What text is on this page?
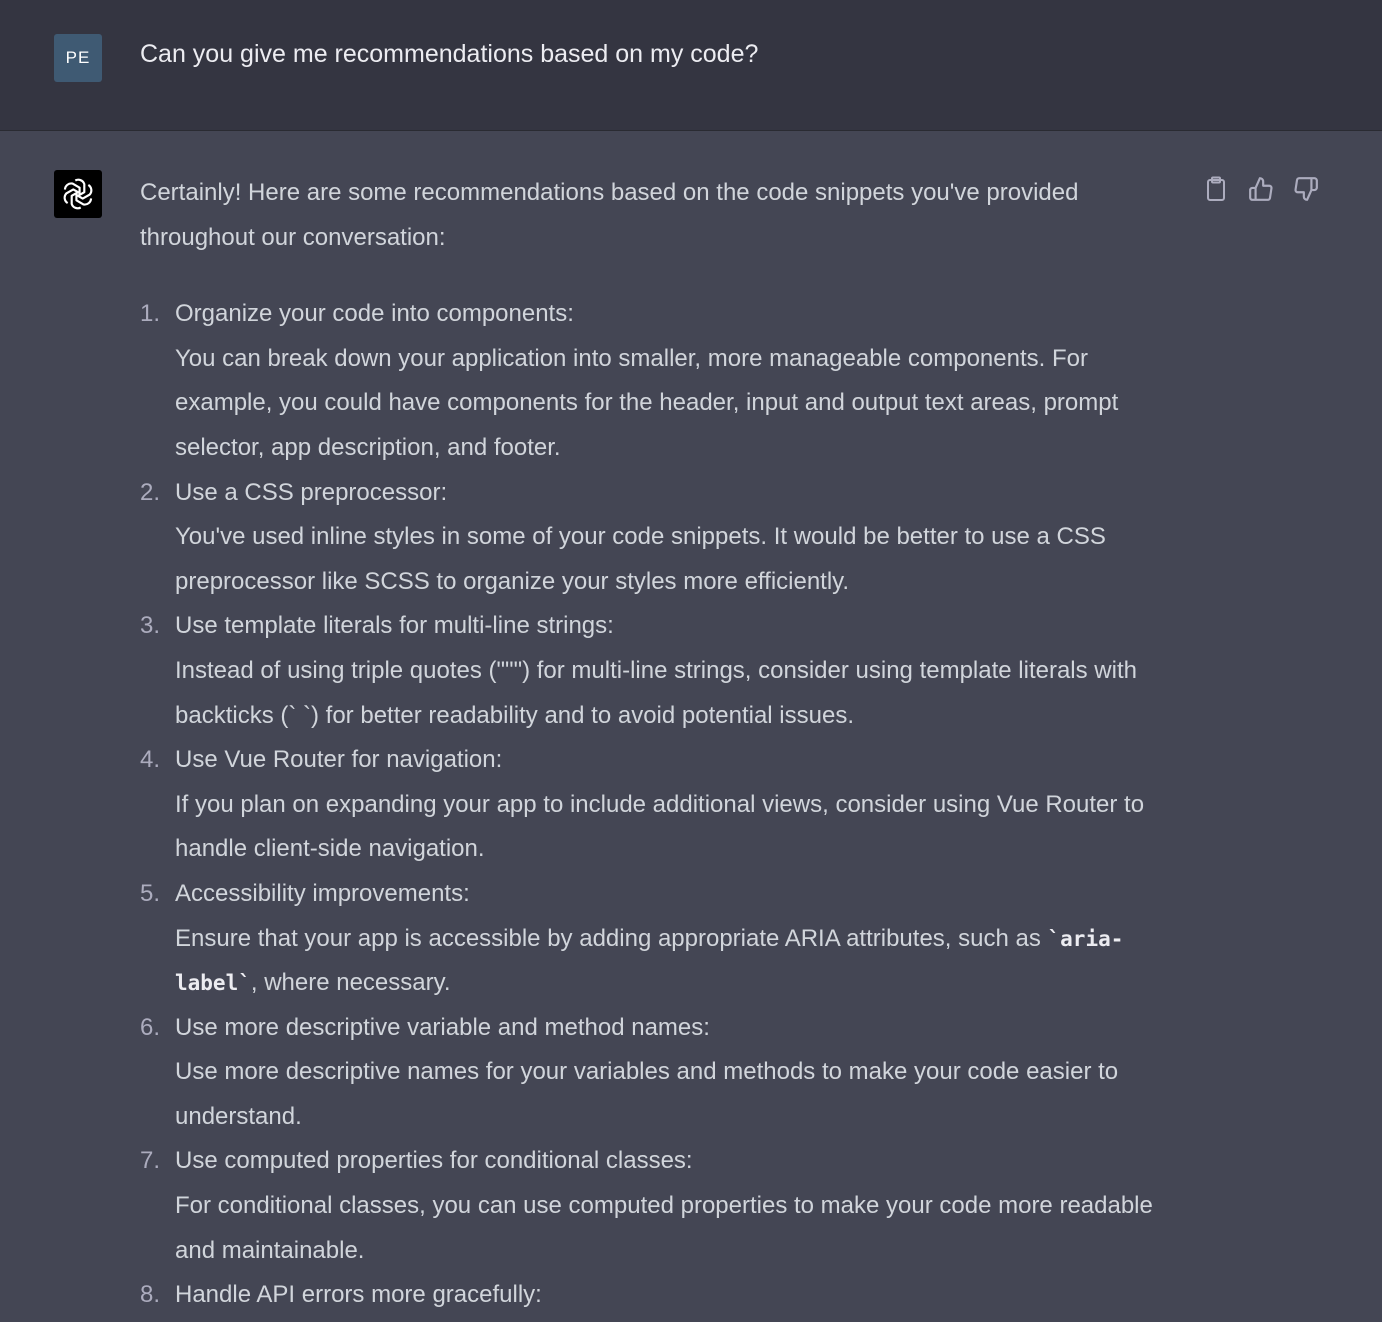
PE Can you give me recommendations based on my code?

Certainly! Here are some recommendations based on the code snippets you've provided throughout our conversation:

1. Organize your code into components:
You can break down your application into smaller, more manageable components. For example, you could have components for the header, input and output text areas, prompt selector, app description, and footer.
2. Use a CSS preprocessor:
You've used inline styles in some of your code snippets. It would be better to use a CSS preprocessor like SCSS to organize your styles more efficiently.
3. Use template literals for multi-line strings:
Instead of using triple quotes (""") for multi-line strings, consider using template literals with backticks (` `) for better readability and to avoid potential issues.
4. Use Vue Router for navigation:
If you plan on expanding your app to include additional views, consider using Vue Router to handle client-side navigation.
5. Accessibility improvements:
Ensure that your app is accessible by adding appropriate ARIA attributes, such as `aria-label`, where necessary.
6. Use more descriptive variable and method names:
Use more descriptive names for your variables and methods to make your code easier to understand.
7. Use computed properties for conditional classes:
For conditional classes, you can use computed properties to make your code more readable and maintainable.
8. Handle API errors more gracefully:
